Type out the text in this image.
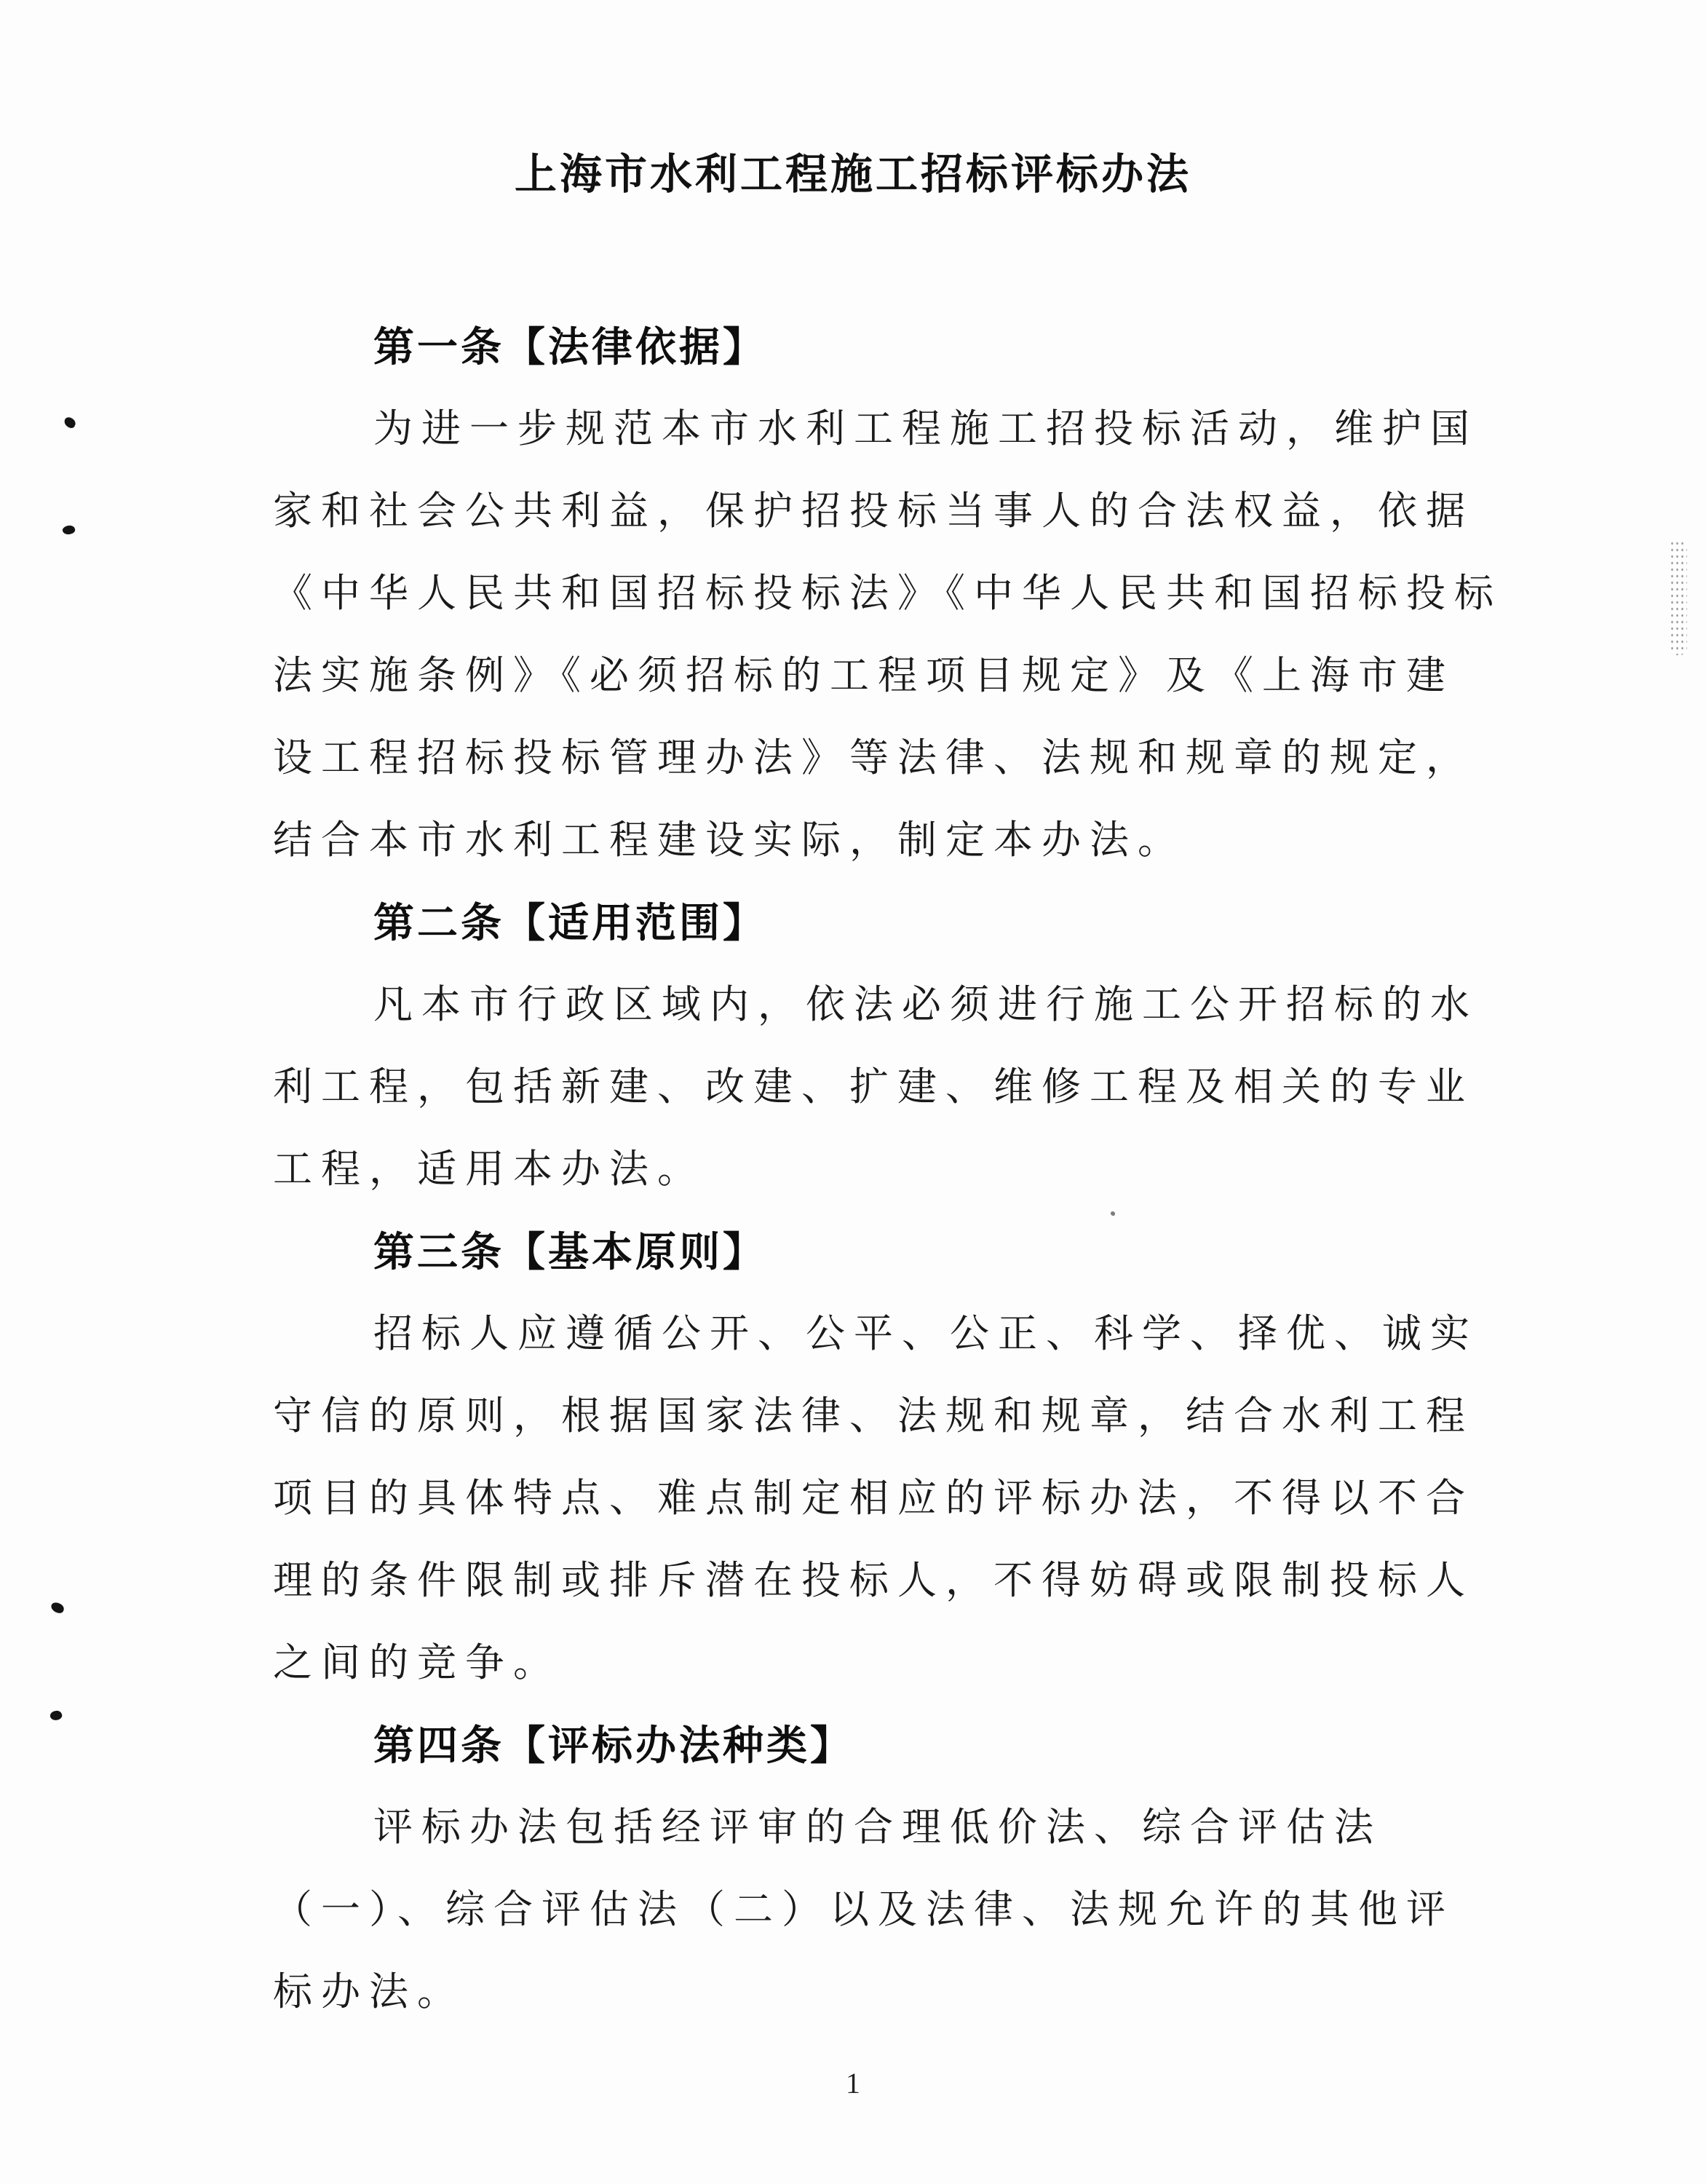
上海市水利工程施工招标评标办法
第一条【法律依据】
为进一步规范本市水利工程施工招投标活动，维护国
家和社会公共利益，保护招投标当事人的合法权益，依据
《中华人民共和国招标投标法》《中华人民共和国招标投标
法实施条例》《必须招标的工程项目规定》及《上海市建
设工程招标投标管理办法》等法律、法规和规章的规定，
结合本市水利工程建设实际，制定本办法。
第二条【适用范围】
凡本市行政区域内，依法必须进行施工公开招标的水
利工程，包括新建、改建、扩建、维修工程及相关的专业
工程，适用本办法。
第三条【基本原则】
招标人应遵循公开、公平、公正、科学、择优、诚实
守信的原则，根据国家法律、法规和规章，结合水利工程
项目的具体特点、难点制定相应的评标办法，不得以不合
理的条件限制或排斥潜在投标人，不得妨碍或限制投标人
之间的竞争。
第四条【评标办法种类】
评标办法包括经评审的合理低价法、综合评估法
（一）、综合评估法（二）以及法律、法规允许的其他评
标办法。
1
